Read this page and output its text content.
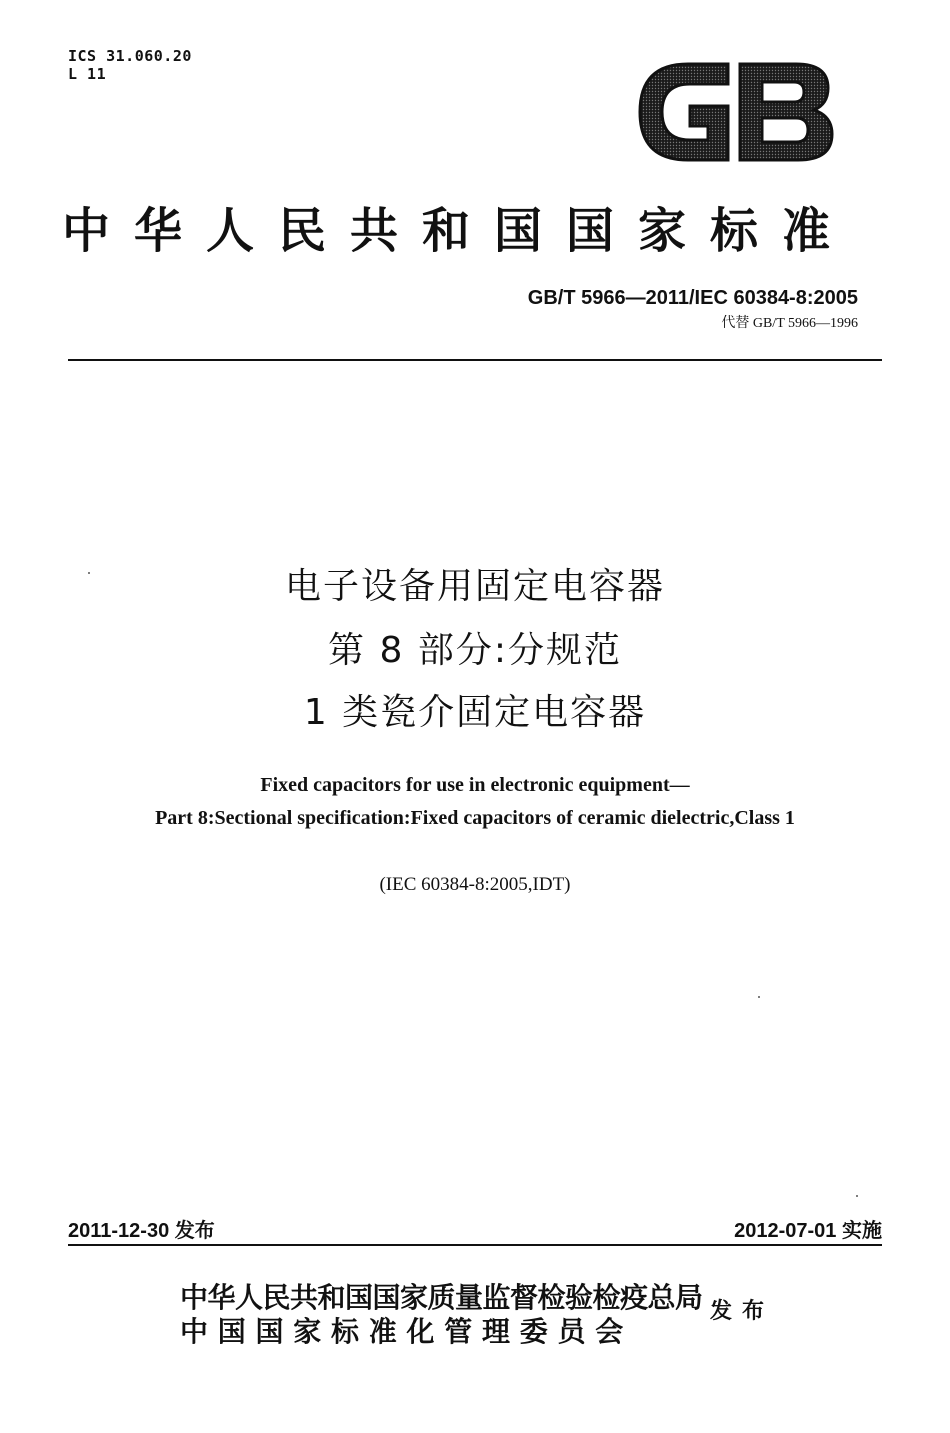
ICS 31.060.20
L 11
中华人民共和国国家标准
GB/T 5966—2011/IEC 60384-8:2005
代替 GB/T 5966—1996
电子设备用固定电容器
第 8 部分:分规范
1 类瓷介固定电容器
Fixed capacitors for use in electronic equipment—
Part 8:Sectional specification:Fixed capacitors of ceramic dielectric,Class 1
(IEC 60384-8:2005,IDT)
2011-12-30 发布	2012-07-01 实施
中华人民共和国国家质量监督检验检疫总局
中 国 国 家 标 准 化 管 理 委 员 会
发布
